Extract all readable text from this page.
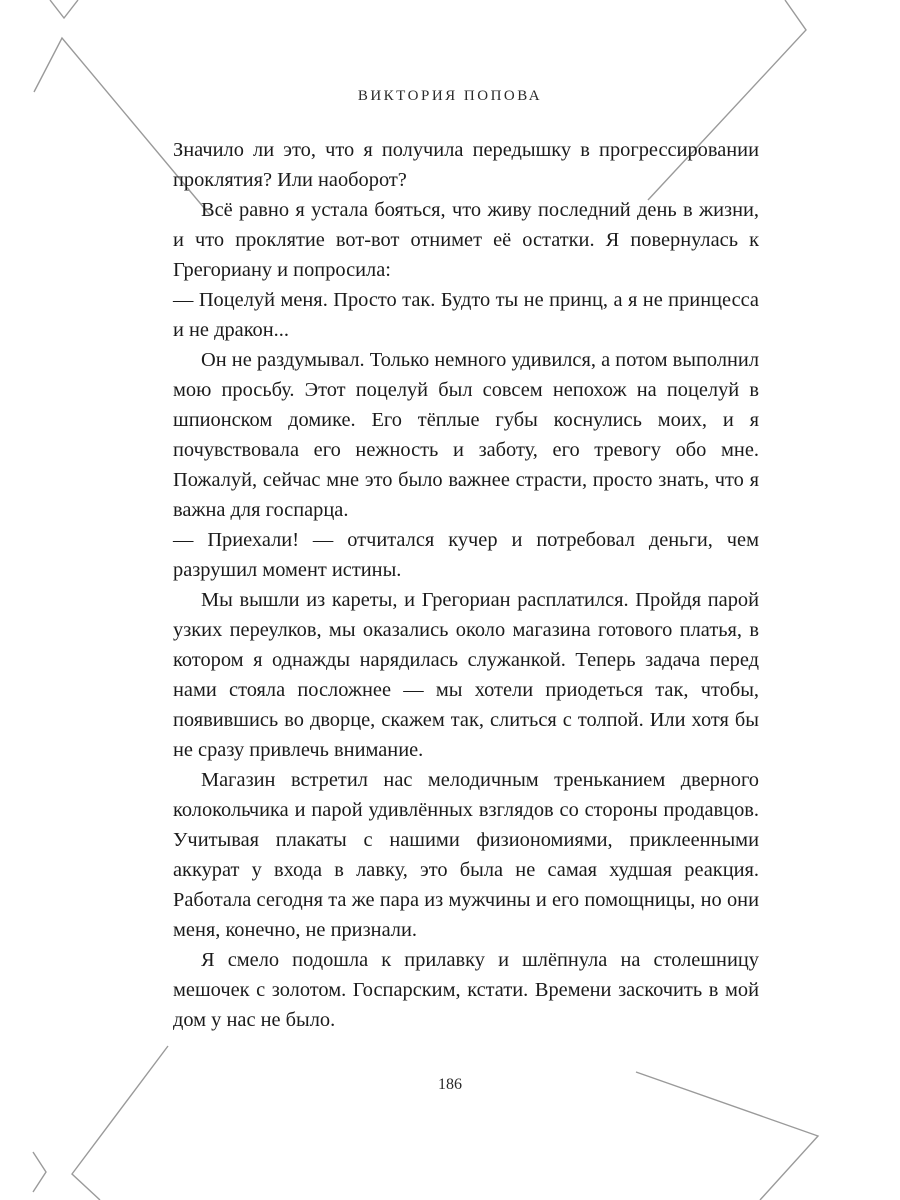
ВИКТОРИЯ ПОПОВА

Значило ли это, что я получила передышку в прогрессировании проклятия? Или наоборот?

Всё равно я устала бояться, что живу последний день в жизни, и что проклятие вот-вот отнимет её остатки. Я повернулась к Грегориану и попросила:

— Поцелуй меня. Просто так. Будто ты не принц, а я не принцесса и не дракон...

Он не раздумывал. Только немного удивился, а потом выполнил мою просьбу. Этот поцелуй был совсем непохож на поцелуй в шпионском домике. Его тёплые губы коснулись моих, и я почувствовала его нежность и заботу, его тревогу обо мне. Пожалуй, сейчас мне это было важнее страсти, просто знать, что я важна для госпарца.

— Приехали! — отчитался кучер и потребовал деньги, чем разрушил момент истины.

Мы вышли из кареты, и Грегориан расплатился. Пройдя парой узких переулков, мы оказались около магазина готового платья, в котором я однажды нарядилась служанкой. Теперь задача перед нами стояла посложнее — мы хотели приодеться так, чтобы, появившись во дворце, скажем так, слиться с толпой. Или хотя бы не сразу привлечь внимание.

Магазин встретил нас мелодичным треньканием дверного колокольчика и парой удивлённых взглядов со стороны продавцов. Учитывая плакаты с нашими физиономиями, приклеенными аккурат у входа в лавку, это была не самая худшая реакция. Работала сегодня та же пара из мужчины и его помощницы, но они меня, конечно, не признали.

Я смело подошла к прилавку и шлёпнула на столешницу мешочек с золотом. Госпарским, кстати. Времени заскочить в мой дом у нас не было.

186
